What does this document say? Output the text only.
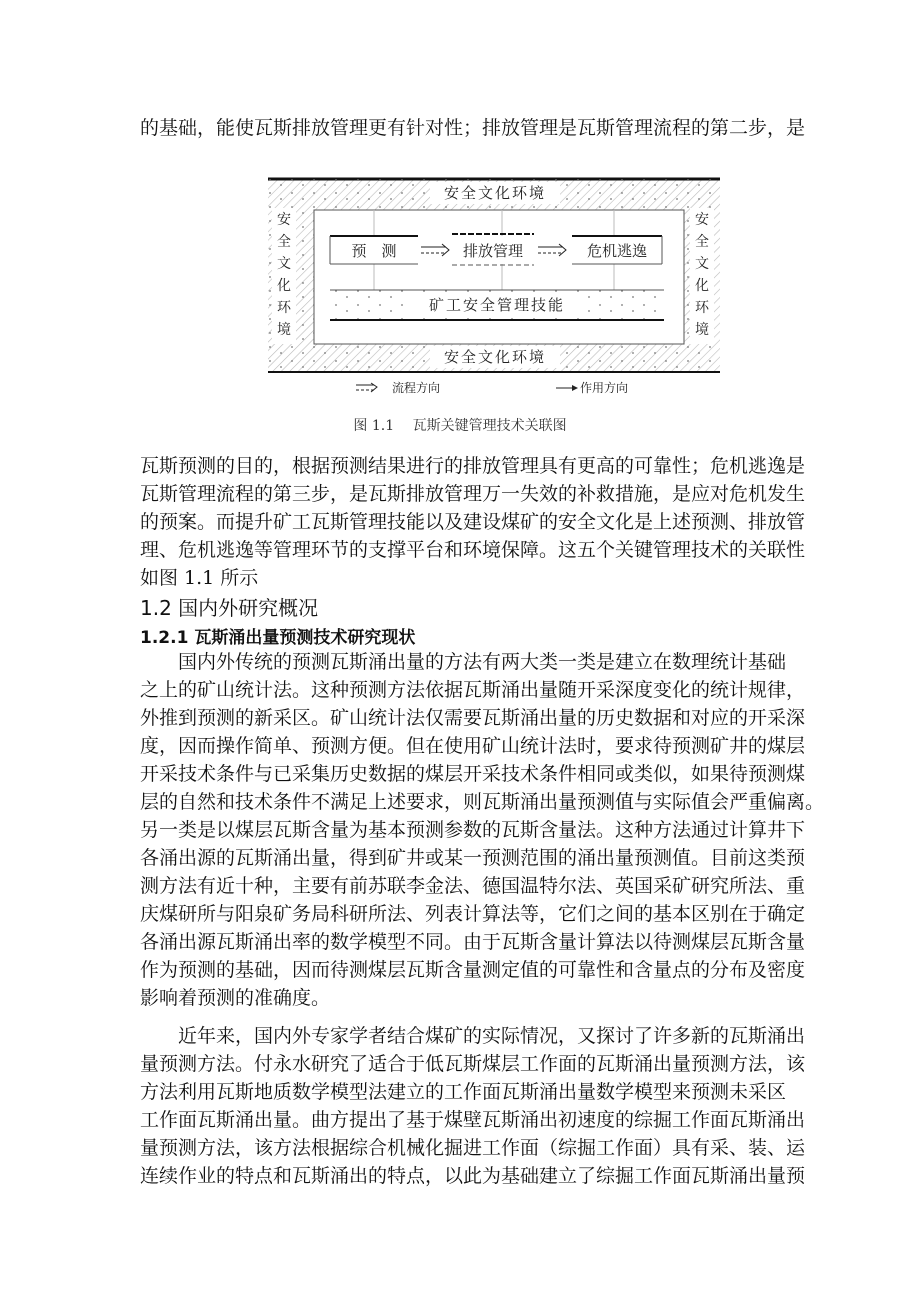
的基础，能使瓦斯排放管理更有针对性；排放管理是瓦斯管理流程的第二步，是
安全文化环境
安全文化环境
安
全
文
化
环
境
安
全
文
化
环
境
预　测	排放管理	危机逃逸
矿工安全管理技能
流程方向	作用方向
图 1.1　 瓦斯关键管理技术关联图
瓦斯预测的目的，根据预测结果进行的排放管理具有更高的可靠性；危机逃逸是
瓦斯管理流程的第三步，是瓦斯排放管理万一失效的补救措施，是应对危机发生
的预案。而提升矿工瓦斯管理技能以及建设煤矿的安全文化是上述预测、排放管
理、危机逃逸等管理环节的支撑平台和环境保障。这五个关键管理技术的关联性
如图 1.1 所示
1.2 国内外研究概况
1.2.1 瓦斯涌出量预测技术研究现状
　　国内外传统的预测瓦斯涌出量的方法有两大类一类是建立在数理统计基础
之上的矿山统计法。这种预测方法依据瓦斯涌出量随开采深度变化的统计规律，
外推到预测的新采区。矿山统计法仅需要瓦斯涌出量的历史数据和对应的开采深
度，因而操作简单、预测方便。但在使用矿山统计法时，要求待预测矿井的煤层
开采技术条件与已采集历史数据的煤层开采技术条件相同或类似，如果待预测煤
层的自然和技术条件不满足上述要求，则瓦斯涌出量预测值与实际值会严重偏离。
另一类是以煤层瓦斯含量为基本预测参数的瓦斯含量法。这种方法通过计算井下
各涌出源的瓦斯涌出量，得到矿井或某一预测范围的涌出量预测值。目前这类预
测方法有近十种，主要有前苏联李金法、德国温特尔法、英国采矿研究所法、重
庆煤研所与阳泉矿务局科研所法、列表计算法等，它们之间的基本区别在于确定
各涌出源瓦斯涌出率的数学模型不同。由于瓦斯含量计算法以待测煤层瓦斯含量
作为预测的基础，因而待测煤层瓦斯含量测定值的可靠性和含量点的分布及密度
影响着预测的准确度。
　　近年来，国内外专家学者结合煤矿的实际情况，又探讨了许多新的瓦斯涌出
量预测方法。付永水研究了适合于低瓦斯煤层工作面的瓦斯涌出量预测方法，该
方法利用瓦斯地质数学模型法建立的工作面瓦斯涌出量数学模型来预测未采区
工作面瓦斯涌出量。曲方提出了基于煤壁瓦斯涌出初速度的综掘工作面瓦斯涌出
量预测方法，该方法根据综合机械化掘进工作面（综掘工作面）具有采、装、运
连续作业的特点和瓦斯涌出的特点，以此为基础建立了综掘工作面瓦斯涌出量预
